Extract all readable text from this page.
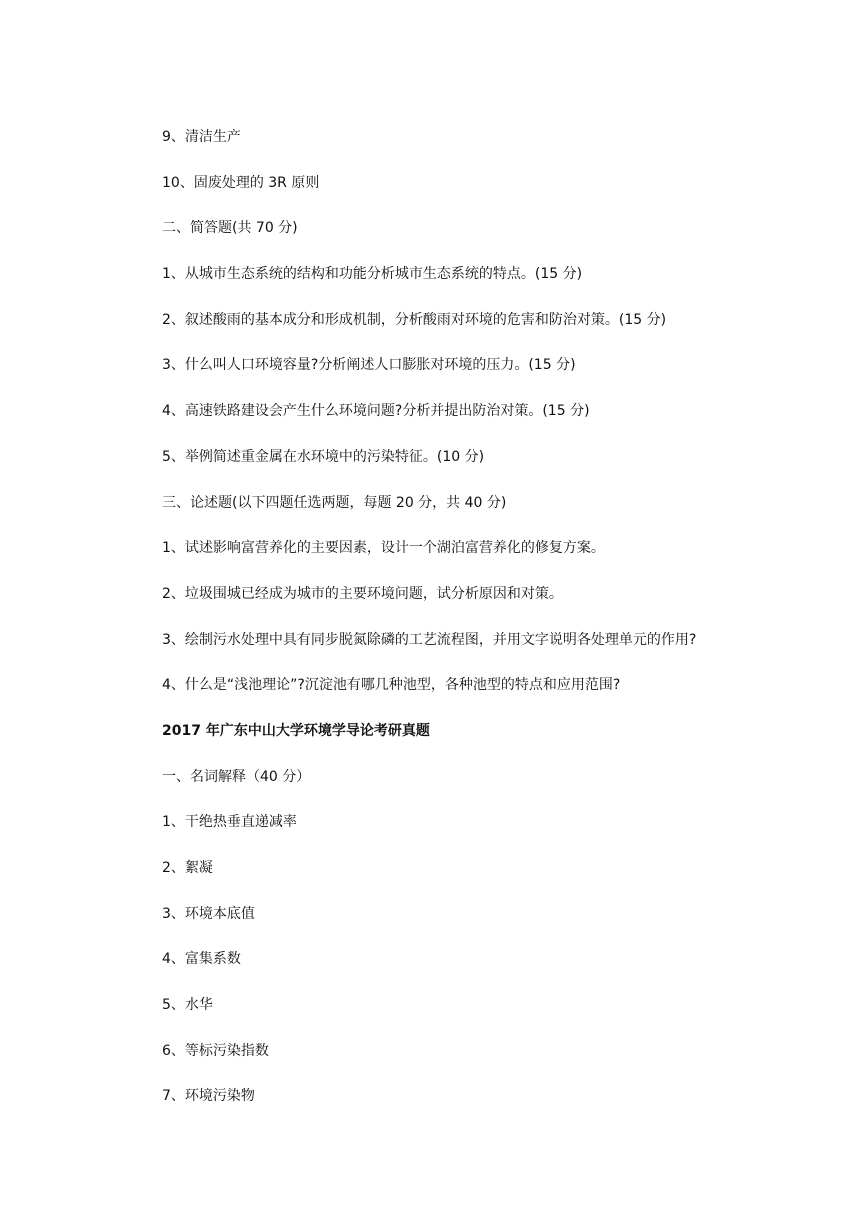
9、清洁生产

10、固废处理的 3R 原则

二、简答题(共 70 分)

1、从城市生态系统的结构和功能分析城市生态系统的特点。(15 分)

2、叙述酸雨的基本成分和形成机制，分析酸雨对环境的危害和防治对策。(15 分)

3、什么叫人口环境容量?分析阐述人口膨胀对环境的压力。(15 分)

4、高速铁路建设会产生什么环境问题?分析并提出防治对策。(15 分)

5、举例简述重金属在水环境中的污染特征。(10 分)

三、论述题(以下四题任选两题，每题 20 分，共 40 分)

1、试述影响富营养化的主要因素，设计一个湖泊富营养化的修复方案。

2、垃圾围城已经成为城市的主要环境问题，试分析原因和对策。

3、绘制污水处理中具有同步脱氮除磷的工艺流程图，并用文字说明各处理单元的作用?

4、什么是“浅池理论”?沉淀池有哪几种池型，各种池型的特点和应用范围?

2017 年广东中山大学环境学导论考研真题

一、名词解释（40 分）

1、干绝热垂直递减率

2、絮凝

3、环境本底值

4、富集系数

5、水华

6、等标污染指数

7、环境污染物
